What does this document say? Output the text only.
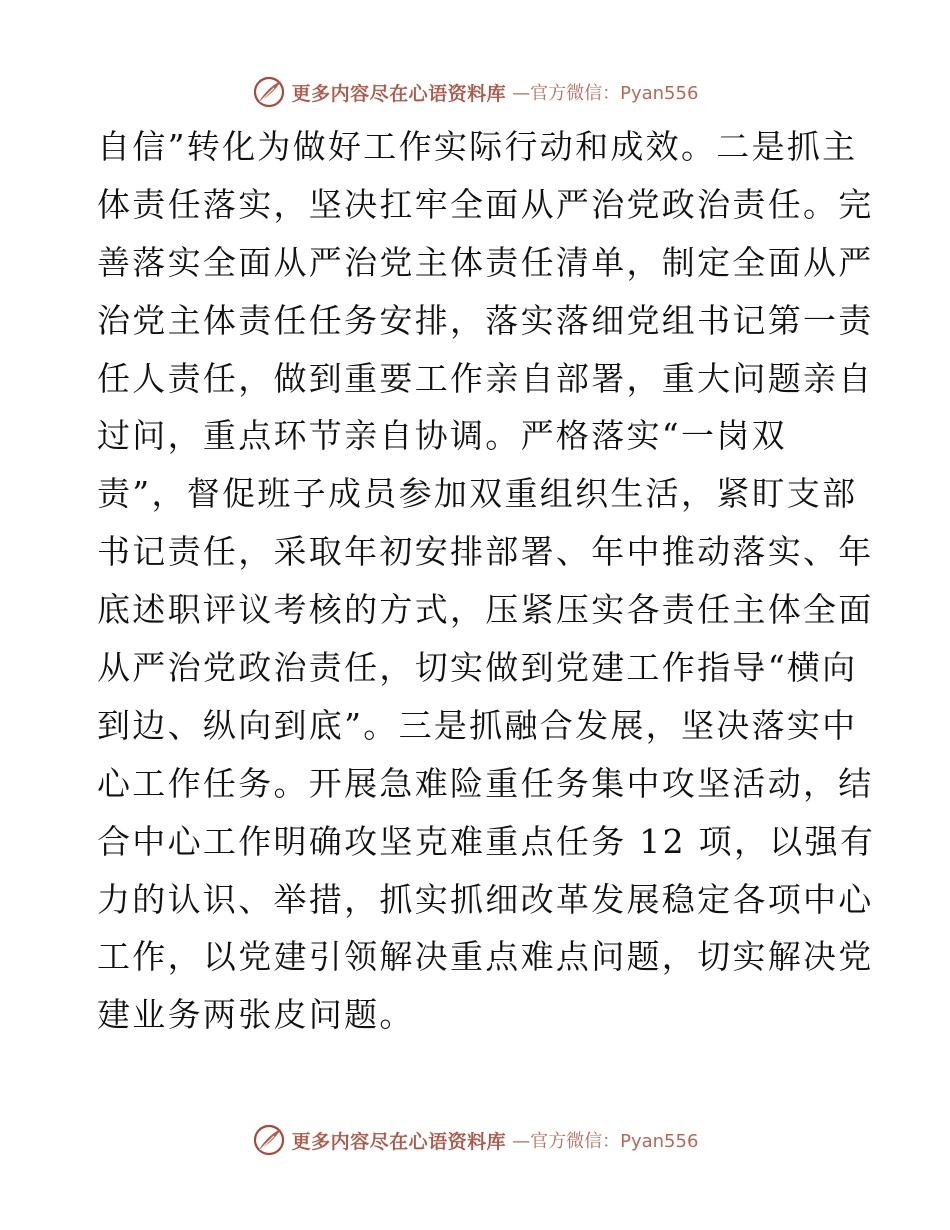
更多内容尽在心语资料库 —官方微信：Pyan556
自信”转化为做好工作实际行动和成效。二是抓主
体责任落实，坚决扛牢全面从严治党政治责任。完
善落实全面从严治党主体责任清单，制定全面从严
治党主体责任任务安排，落实落细党组书记第一责
任人责任，做到重要工作亲自部署，重大问题亲自
过问，重点环节亲自协调。严格落实“一岗双
责”，督促班子成员参加双重组织生活，紧盯支部
书记责任，采取年初安排部署、年中推动落实、年
底述职评议考核的方式，压紧压实各责任主体全面
从严治党政治责任，切实做到党建工作指导“横向
到边、纵向到底”。三是抓融合发展，坚决落实中
心工作任务。开展急难险重任务集中攻坚活动，结
合中心工作明确攻坚克难重点任务 12 项，以强有
力的认识、举措，抓实抓细改革发展稳定各项中心
工作，以党建引领解决重点难点问题，切实解决党
建业务两张皮问题。
更多内容尽在心语资料库 —官方微信：Pyan556
